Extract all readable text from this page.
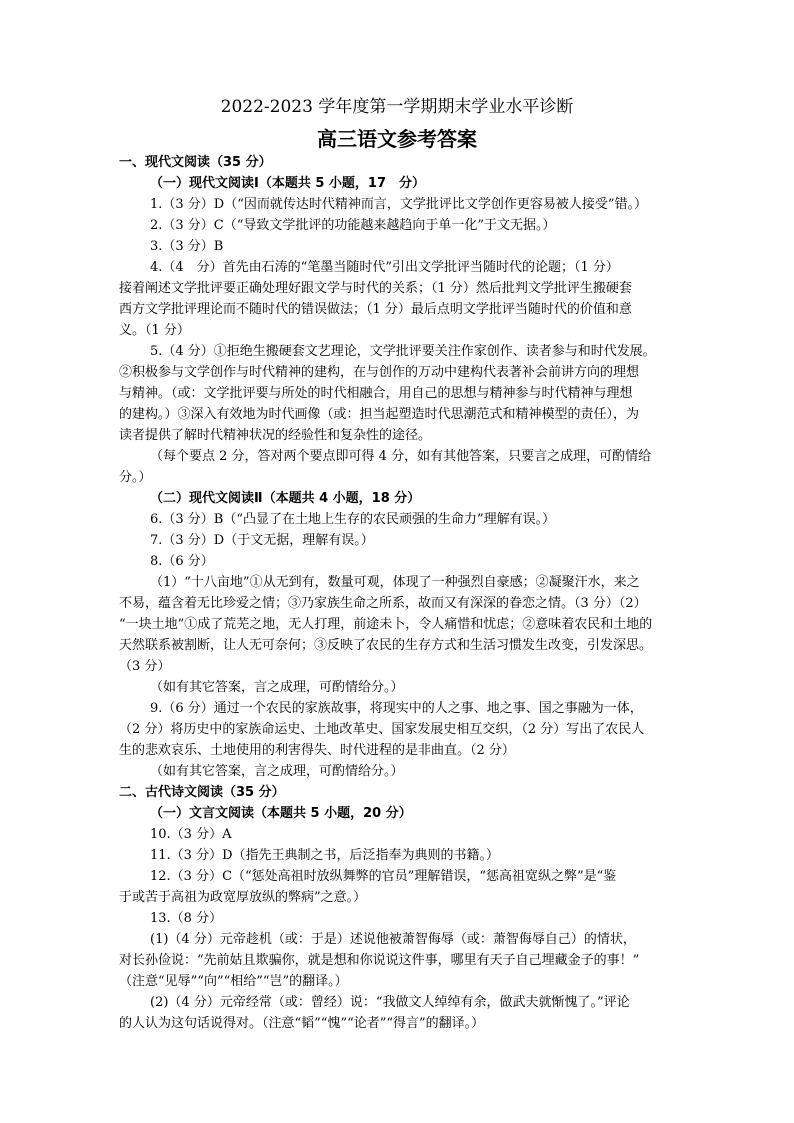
2022-2023 学年度第一学期期末学业水平诊断
高三语文参考答案
一、现代文阅读（35 分）
（一）现代文阅读Ⅰ（本题共 5 小题，17　分）
1.（3 分）D（“因而就传达时代精神而言，文学批评比文学创作更容易被人接受”错。）
2.（3 分）C（“导致文学批评的功能越来越趋向于单一化”于文无据。）
3.（3 分）B
4.（4　分）首先由石涛的“笔墨当随时代”引出文学批评当随时代的论题；（1 分）
接着阐述文学批评要正确处理好跟文学与时代的关系；（1 分）然后批判文学批评生搬硬套
西方文学批评理论而不随时代的错误做法；（1 分）最后点明文学批评当随时代的价值和意
义。（1 分）
5.（4 分）①拒绝生搬硬套文艺理论，文学批评要关注作家创作、读者参与和时代发展。
②积极参与文学创作与时代精神的建构，在与创作的万动中建构代表著补会前讲方向的理想
与精神。（或：文学批评要与所处的时代相融合，用自己的思想与精神参与时代精神与理想
的建构。）③深入有效地为时代画像（或：担当起塑造时代思潮范式和精神模型的责任），为
读者提供了解时代精神状况的经验性和复杂性的途径。
（每个要点 2 分，答对两个要点即可得 4 分，如有其他答案，只要言之成理，可酌情给
分。）
（二）现代文阅读Ⅱ（本题共 4 小题，18 分）
6.（3 分）B（“凸显了在土地上生存的农民顽强的生命力”理解有误。）
7.（3 分）D（于文无据，理解有误。）
8.（6 分）
（1）“十八亩地”①从无到有，数量可观，体现了一种强烈自豪感；②凝聚汗水，来之
不易，蕴含着无比珍爱之情；③乃家族生命之所系，故而又有深深的眷恋之情。（3 分）（2）
“一块土地”①成了荒芜之地，无人打理，前途未卜，令人痛惜和忧虑；②意味着农民和土地的
天然联系被割断，让人无可奈何；③反映了农民的生存方式和生活习惯发生改变，引发深思。
（3 分）
（如有其它答案，言之成理，可酌情给分。）
9.（6 分）通过一个农民的家族故事，将现实中的人之事、地之事、国之事融为一体，
（2 分）将历史中的家族命运史、土地改革史、国家发展史相互交织，（2 分）写出了农民人
生的悲欢哀乐、土地使用的利害得失、时代进程的是非曲直。（2 分）
（如有其它答案，言之成理，可酌情给分。）
二、古代诗文阅读（35 分）
（一）文言文阅读（本题共 5 小题，20 分）
10.（3 分）A
11.（3 分）D（指先王典制之书，后泛指奉为典则的书籍。）
12.（3 分）C（“惩处高祖时放纵舞弊的官员”理解错误，“惩高祖宽纵之弊”是“鉴
于或苦于高祖为政宽厚放纵的弊病”之意。）
13.（8 分）
(1)（4 分）元帝趁机（或：于是）述说他被萧智侮辱（或：萧智侮辱自己）的情状，
对长孙俭说：“先前姑且欺骗你，就是想和你说说这件事，哪里有天子自己埋藏金子的事！”
（注意“见辱”“向”“相给”“岂”的翻译。）
(2)（4 分）元帝经常（或：曾经）说：“我做文人绰绰有余，做武夫就惭愧了。”评论
的人认为这句话说得对。（注意“韬”“愧”“论者”“得言”的翻译。）
